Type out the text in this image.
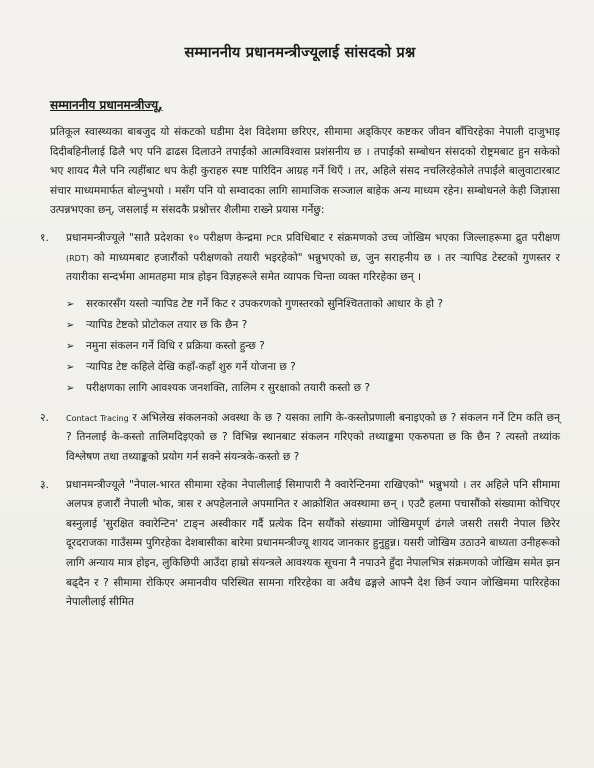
सम्माननीय प्रधानमन्त्रीज्यूलाई सांसदको प्रश्न
सम्माननीय प्रधानमन्त्रीज्यू,

प्रतिकूल स्वास्थ्यका बाबजुद यो संकटको घडीमा देश विदेशमा छरिएर, सीमामा अड्किएर कष्टकर जीवन बाँचिरहेका नेपाली दाजुभाइ दिदीबहिनीलाई ढिलै भए पनि ढाढस दिलाउने तपाईंको आत्मविश्वास प्रशंसनीय छ । तपाईंको सम्बोधन संसदको रोष्ट्रमबाट हुन सकेको भए शायद मैले पनि त्यहींबाट थप केही कुराहरु स्पष्ट पारिदिन आग्रह गर्ने थिएँ । तर, अहिले संसद नचलिरहेकोले तपाईंले बालुवाटारबाट संचार माध्यममार्फत बोल्नुभयो । मसँग पनि यो सम्वादका लागि सामाजिक सञ्जाल बाहेक अन्य माध्यम रहेन। सम्बोधनले केही जिज्ञासा उत्पन्नभएका छन्, जसलाई म संसदकै प्रश्नोत्तर शैलीमा राख्ने प्रयास गर्नेछु:

१.	प्रधानमन्त्रीज्यूले "सातै प्रदेशका १० परीक्षण केन्द्रमा PCR प्रविधिबाट र संक्रमणको उच्च जोखिम भएका जिल्लाहरूमा द्रुत परीक्षण (RDT) को माध्यमबाट हजारौंको परीक्षणको तयारी भइरहेको" भन्नुभएको छ, जुन सराहनीय छ । तर र्‍यापिड टेस्टको गुणस्तर र तयारीका सन्दर्भमा आमतहमा मात्र होइन विज्ञहरूले समेत व्यापक चिन्ता व्यक्त गरिरहेका छन् ।
➢	सरकारसँग यस्तो र्‍यापिड टेष्ट गर्ने किट र उपकरणको गुणस्तरको सुनिश्चितताको आधार के हो ?
➢	र्‍यापिड टेष्टको प्रोटोकल तयार छ कि छैन ?
➢	नमुना संकलन गर्ने विधि र प्रक्रिया कस्तो हुन्छ ?
➢	र्‍यापिड टेष्ट कहिले देखि कहाँ-कहाँ शुरु गर्ने योजना छ ?
➢	परीक्षणका लागि आवश्यक जनशक्ति, तालिम र सुरक्षाको तयारी कस्तो छ ?
२.	Contact Tracing र अभिलेख संकलनको अवस्था के छ ? यसका लागि के-कस्तोप्रणाली बनाइएको छ ? संकलन गर्ने टिम कति छन् ? तिनलाई के-कस्तो तालिमदिइएको छ ? विभिन्न स्थानबाट संकलन गरिएको तथ्याङ्कमा एकरुपता छ कि छैन ? त्यस्तो तथ्यांक विश्लेषण तथा तथ्याङ्कको प्रयोग गर्न सक्ने संयन्त्रके-कस्तो छ ?
३.	प्रधानमन्त्रीज्यूले "नेपाल-भारत सीमामा रहेका नेपालीलाई सिमापारी नै क्वारेन्टिनमा राखिएको" भन्नुभयो । तर अहिले पनि सीमामा अलपत्र हजारौं नेपाली भोक, त्रास र अपहेलनाले अपमानित र आक्रोशित अवस्थामा छन् । एउटै हलमा पचासौंको संख्यामा कोचिएर बस्नुलाई 'सुरक्षित क्वारेन्टिन' टाङ्न अस्वीकार गर्दै प्रत्येक दिन सयौंको संख्यामा जोखिमपूर्ण ढंगले जसरी तसरी नेपाल छिरेर दूरदराजका गाउँसम्म पुगिरहेका देशबासीका बारेमा प्रधानमन्त्रीज्यू शायद जानकार हुनुहुन्न। यसरी जोखिम उठाउने बाध्यता उनीहरूको लागि अन्याय मात्र होइन, लुकिछिपी आउँदा हाम्रो संयन्त्रले आवश्यक सूचना नै नपाउने हुँदा नेपालभित्र संक्रमणको जोखिम समेत झन बढ्दैन र ? सीमामा रोकिएर अमानवीय परिस्थित सामना गरिरहेका वा अवैध ढङ्गले आफ्नै देश छिर्न ज्यान जोखिममा पारिरहेका नेपालीलाई सीमित
